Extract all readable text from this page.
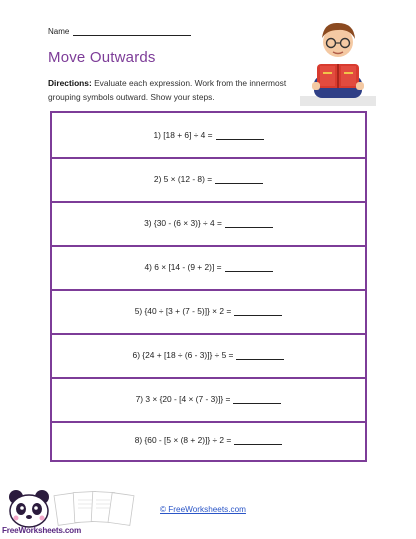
Name
Move Outwards
Directions: Evaluate each expression. Work from the innermost grouping symbols outward. Show your steps.
1) [18 + 6] ÷ 4 =
2) 5 × (12 - 8) =
3) {30 - (6 × 3)} ÷ 4 =
4) 6 × [14 - (9 + 2)] =
5) {40 ÷ [3 + (7 - 5)]} × 2 =
6) {24 + [18 ÷ (6 - 3)]} ÷ 5 =
7) 3 × {20 - [4 × (7 - 3)]} =
8) {60 - [5 × (8 + 2)]} ÷ 2 =
FreeWorksheets.com
© FreeWorksheets.com
